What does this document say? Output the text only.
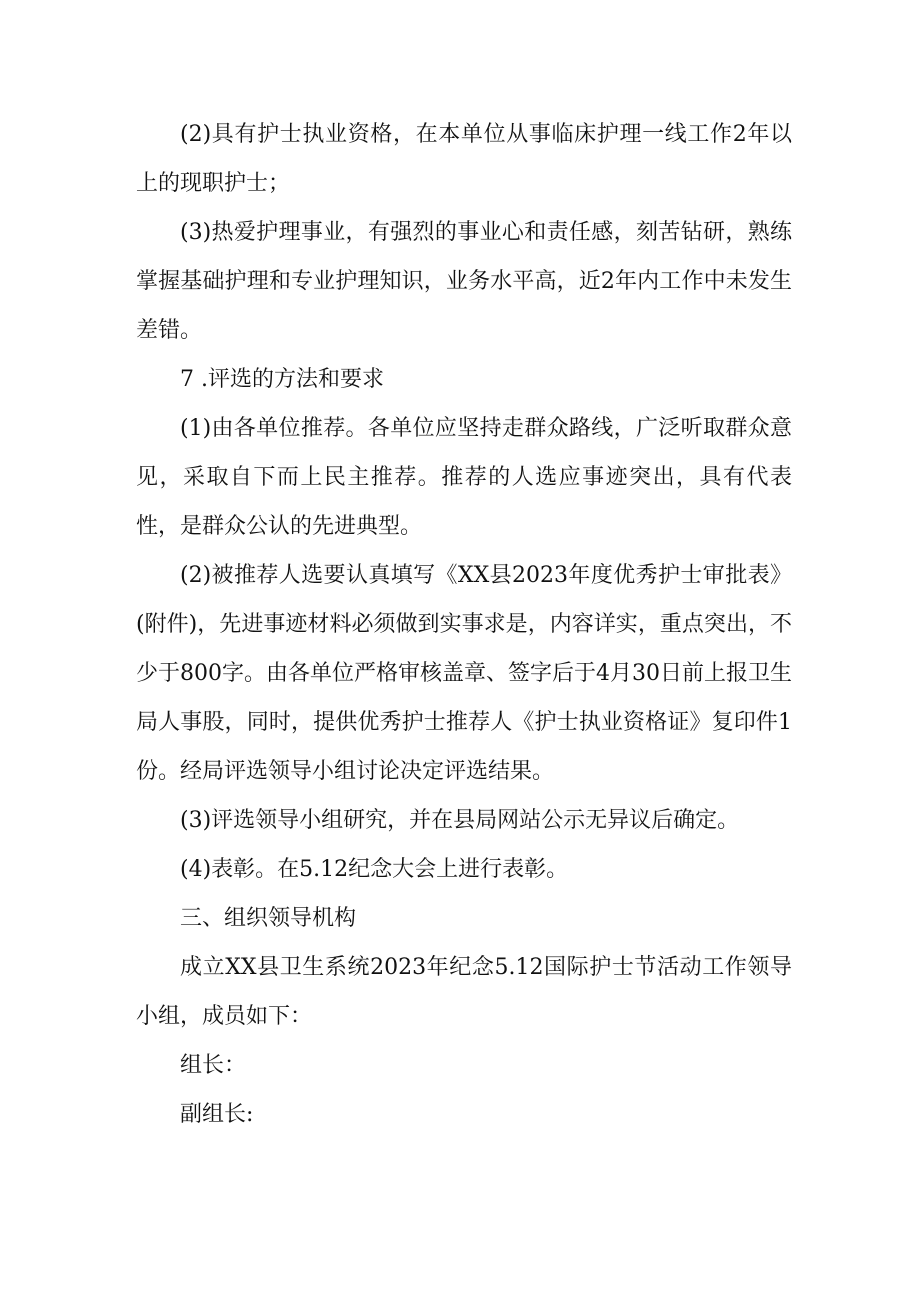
(2)具有护士执业资格，在本单位从事临床护理一线工作2年以上的现职护士；

(3)热爱护理事业，有强烈的事业心和责任感，刻苦钻研，熟练掌握基础护理和专业护理知识，业务水平高，近2年内工作中未发生差错。

7 .评选的方法和要求

(1)由各单位推荐。各单位应坚持走群众路线，广泛听取群众意见，采取自下而上民主推荐。推荐的人选应事迹突出，具有代表性，是群众公认的先进典型。

(2)被推荐人选要认真填写《XX县2023年度优秀护士审批表》(附件)，先进事迹材料必须做到实事求是，内容详实，重点突出，不少于800字。由各单位严格审核盖章、签字后于4月30日前上报卫生局人事股，同时，提供优秀护士推荐人《护士执业资格证》复印件1份。经局评选领导小组讨论决定评选结果。

(3)评选领导小组研究，并在县局网站公示无异议后确定。

(4)表彰。在5.12纪念大会上进行表彰。

三、组织领导机构

成立XX县卫生系统2023年纪念5.12国际护士节活动工作领导小组，成员如下：

组长：

副组长:
